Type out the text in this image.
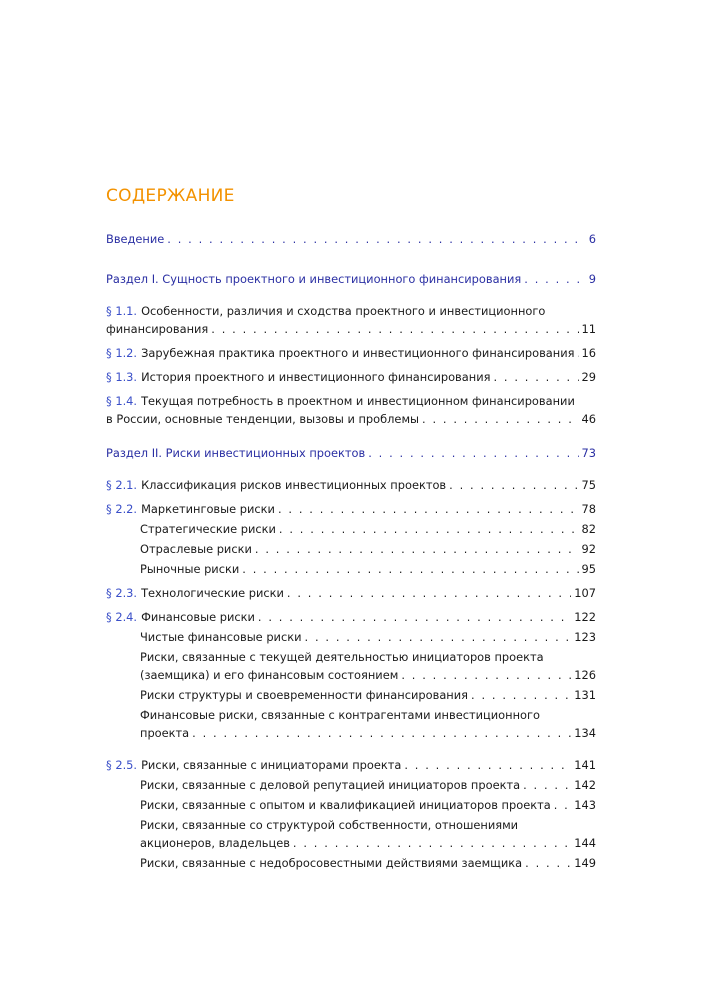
СОДЕРЖАНИЕ
Введение . . .	6
Раздел I. Сущность проектного и инвестиционного финансирования . . .	9
§ 1.1. Особенности, различия и сходства проектного и инвестиционного
финансирования . . .	11
§ 1.2. Зарубежная практика проектного и инвестиционного финансирования . . . 16
§ 1.3. История проектного и инвестиционного финансирования . . .	29
§ 1.4. Текущая потребность в проектном и инвестиционном финансировании
в России, основные тенденции, вызовы и проблемы . . .	46
Раздел II. Риски инвестиционных проектов . . .	73
§ 2.1. Классификация рисков инвестиционных проектов . . .	75
§ 2.2. Маркетинговые риски . . .	78
Стратегические риски . . .	82
Отраслевые риски . . .	92
Рыночные риски . . .	95
§ 2.3. Технологические риски . . .	107
§ 2.4. Финансовые риски . . .	122
Чистые финансовые риски . . .	123
Риски, связанные с текущей деятельностью инициаторов проекта
(заемщика) и его финансовым состоянием . . .	126
Риски структуры и своевременности финансирования . . .	131
Финансовые риски, связанные с контрагентами инвестиционного
проекта . . .	134
§ 2.5. Риски, связанные с инициаторами проекта . . .	141
Риски, связанные с деловой репутацией инициаторов проекта . . .	142
Риски, связанные с опытом и квалификацией инициаторов проекта . . . 143
Риски, связанные со структурой собственности, отношениями
акционеров, владельцев . . .	144
Риски, связанные с недобросовестными действиями заемщика . . .	149
